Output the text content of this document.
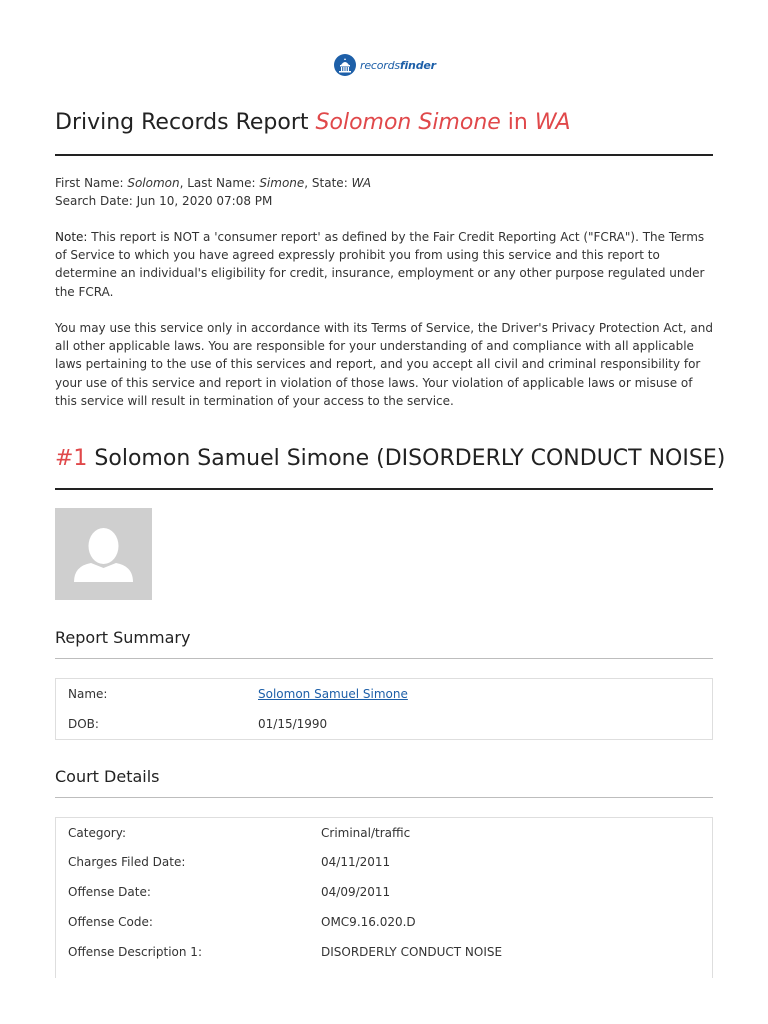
recordsfinder
Driving Records Report Solomon Simone in WA
First Name: Solomon, Last Name: Simone, State: WA
Search Date: Jun 10, 2020 07:08 PM
Note: This report is NOT a 'consumer report' as defined by the Fair Credit Reporting Act ("FCRA"). The Terms of Service to which you have agreed expressly prohibit you from using this service and this report to determine an individual's eligibility for credit, insurance, employment or any other purpose regulated under the FCRA.
You may use this service only in accordance with its Terms of Service, the Driver's Privacy Protection Act, and all other applicable laws. You are responsible for your understanding of and compliance with all applicable laws pertaining to the use of this services and report, and you accept all civil and criminal responsibility for your use of this service and report in violation of those laws. Your violation of applicable laws or misuse of this service will result in termination of your access to the service.
#1 Solomon Samuel Simone (DISORDERLY CONDUCT NOISE)
Report Summary
Name:	Solomon Samuel Simone
DOB:	01/15/1990
Court Details
Category:	Criminal/traffic
Charges Filed Date:	04/11/2011
Offense Date:	04/09/2011
Offense Code:	OMC9.16.020.D
Offense Description 1:	DISORDERLY CONDUCT NOISE
